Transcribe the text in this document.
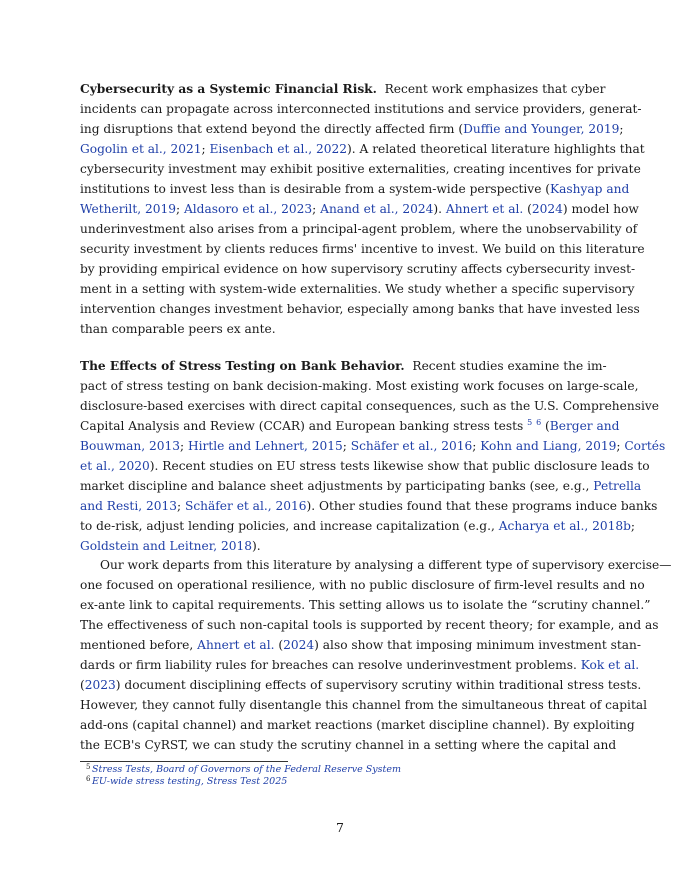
Cybersecurity as a Systemic Financial Risk. Recent work emphasizes that cyber
incidents can propagate across interconnected institutions and service providers, generat-
ing disruptions that extend beyond the directly affected firm (Duffie and Younger, 2019;
Gogolin et al., 2021; Eisenbach et al., 2022). A related theoretical literature highlights that
cybersecurity investment may exhibit positive externalities, creating incentives for private
institutions to invest less than is desirable from a system-wide perspective (Kashyap and
Wetherilt, 2019; Aldasoro et al., 2023; Anand et al., 2024). Ahnert et al. (2024) model how
underinvestment also arises from a principal-agent problem, where the unobservability of
security investment by clients reduces firms' incentive to invest. We build on this literature
by providing empirical evidence on how supervisory scrutiny affects cybersecurity invest-
ment in a setting with system-wide externalities. We study whether a specific supervisory
intervention changes investment behavior, especially among banks that have invested less
than comparable peers ex ante.
The Effects of Stress Testing on Bank Behavior. Recent studies examine the im-
pact of stress testing on bank decision-making. Most existing work focuses on large-scale,
disclosure-based exercises with direct capital consequences, such as the U.S. Comprehensive
Capital Analysis and Review (CCAR) and European banking stress tests $^5$ $^6$ (Berger and
Bouwman, 2013; Hirtle and Lehnert, 2015; Schäfer et al., 2016; Kohn and Liang, 2019; Cortés
et al., 2020). Recent studies on EU stress tests likewise show that public disclosure leads to
market discipline and balance sheet adjustments by participating banks (see, e.g., Petrella
and Resti, 2013; Schäfer et al., 2016). Other studies found that these programs induce banks
to de-risk, adjust lending policies, and increase capitalization (e.g., Acharya et al., 2018b;
Goldstein and Leitner, 2018).
Our work departs from this literature by analysing a different type of supervisory exercise—
one focused on operational resilience, with no public disclosure of firm-level results and no
ex-ante link to capital requirements. This setting allows us to isolate the “scrutiny channel.”
The effectiveness of such non-capital tools is supported by recent theory; for example, and as
mentioned before, Ahnert et al. (2024) also show that imposing minimum investment stan-
dards or firm liability rules for breaches can resolve underinvestment problems. Kok et al.
(2023) document disciplining effects of supervisory scrutiny within traditional stress tests.
However, they cannot fully disentangle this channel from the simultaneous threat of capital
add-ons (capital channel) and market reactions (market discipline channel). By exploiting
the ECB's CyRST, we can study the scrutiny channel in a setting where the capital and
5 Stress Tests, Board of Governors of the Federal Reserve System
6 EU-wide stress testing, Stress Test 2025
7
